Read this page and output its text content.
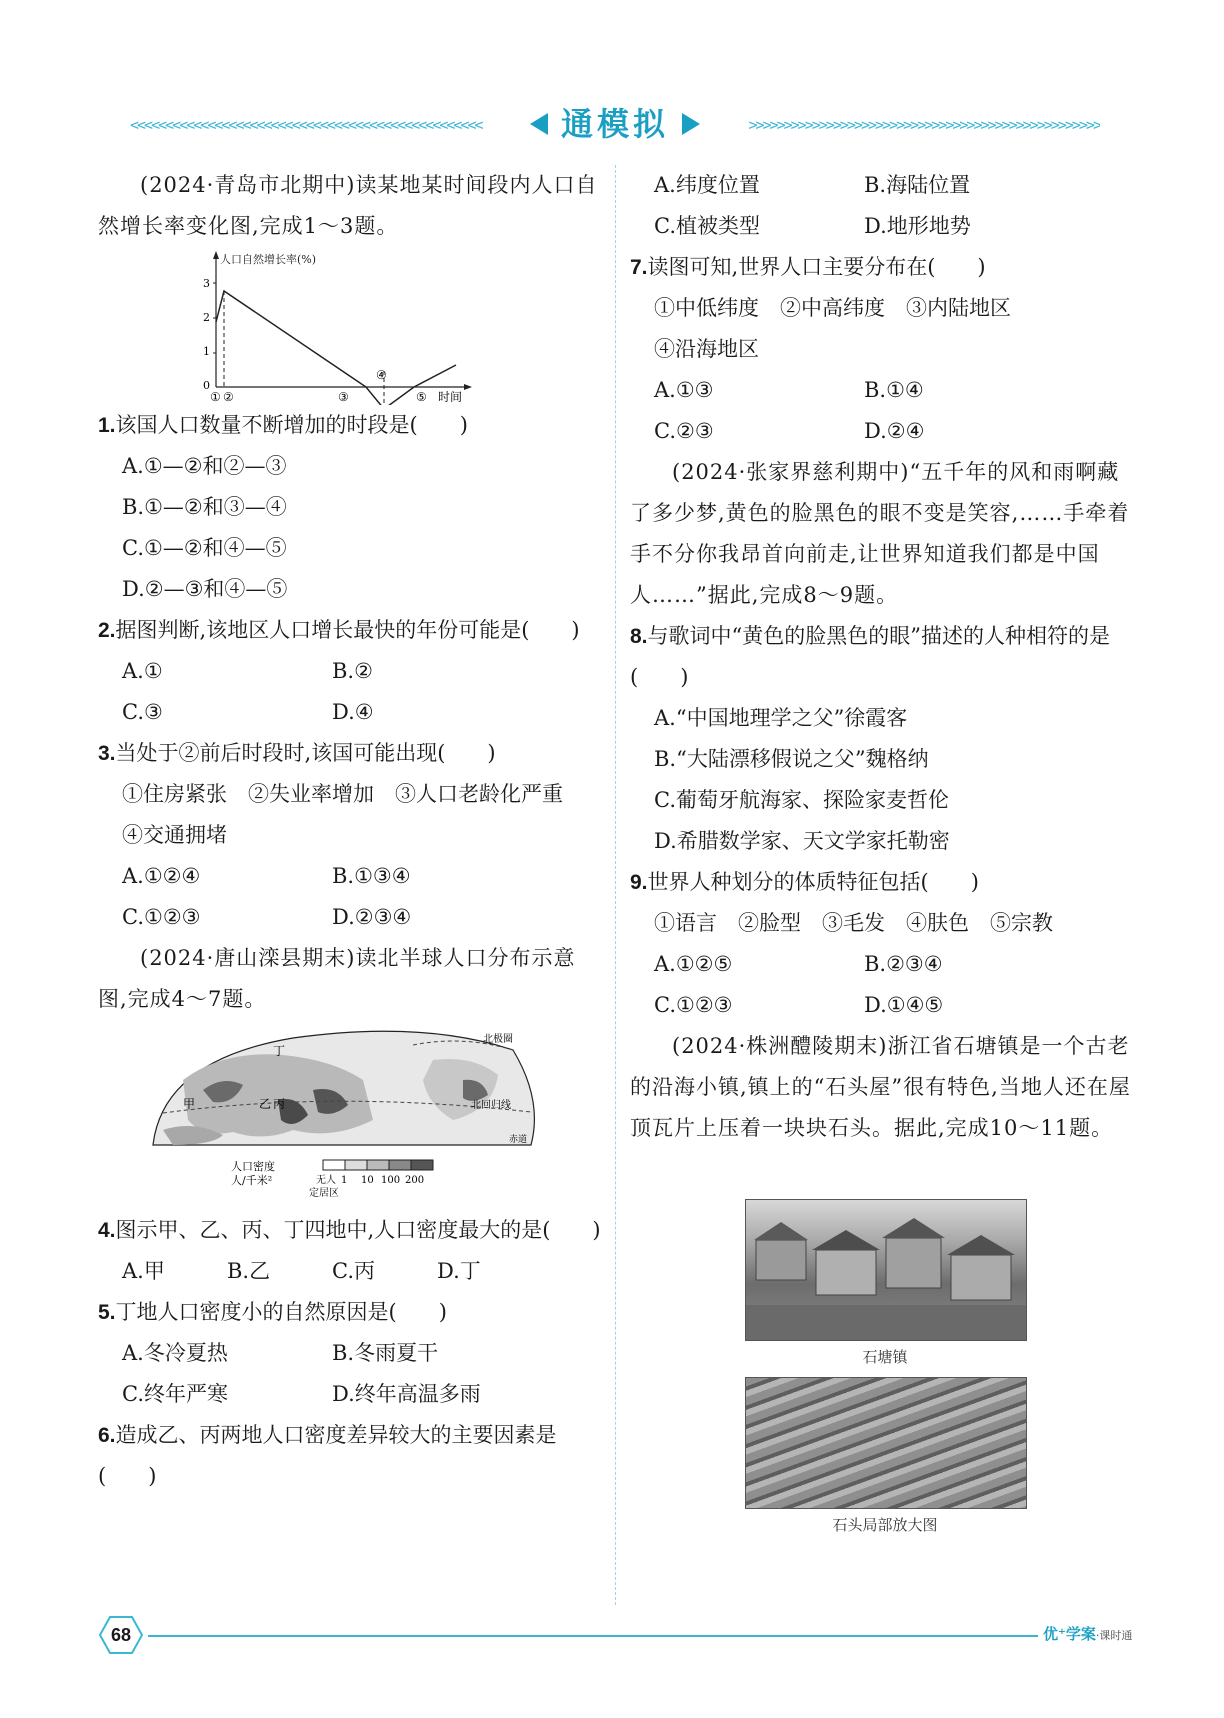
<<<<<<<<<<<<<<<<<<<<<<<<<<<<<<<<<<<<<<<<<<<<<<<<<<	通模拟	>>>>>>>>>>>>>>>>>>>>>>>>>>>>>>>>>>>>>>>>>>>>>>>>>>

(2024·青岛市北期中)读某地某时间段内人口自然增长率变化图,完成1～3题。

人口自然增长率(%)
3
2
1
0
① ②	③
④
⑤ 时间

1.该国人口数量不断增加的时段是(　　)

A.①—②和②—③

B.①—②和③—④

C.①—②和④—⑤

D.②—③和④—⑤

2.据图判断,该地区人口增长最快的年份可能是(　　)

A.①	B.②
C.③	D.④

3.当处于②前后时段时,该国可能出现(　　)

①住房紧张　②失业率增加　③人口老龄化严重　④交通拥堵

A.①②④	B.①③④
C.①②③	D.②③④

(2024·唐山滦县期末)读北半球人口分布示意图,完成4～7题。

北极圈
北回归线
赤道
甲	乙 丙
丁
人口密度
人/千米²	无人
定居区
1 10 100 200

4.图示甲、乙、丙、丁四地中,人口密度最大的是(　　)

A.甲	B.乙	C.丙	D.丁

5.丁地人口密度小的自然原因是(　　)

A.冬冷夏热	B.冬雨夏干
C.终年严寒	D.终年高温多雨

6.造成乙、丙两地人口密度差异较大的主要因素是(　　)

A.纬度位置	B.海陆位置
C.植被类型	D.地形地势

7.读图可知,世界人口主要分布在(　　)

①中低纬度　②中高纬度　③内陆地区

④沿海地区

A.①③	B.①④
C.②③	D.②④

(2024·张家界慈利期中)“五千年的风和雨啊藏了多少梦,黄色的脸黑色的眼不变是笑容,……手牵着手不分你我昂首向前走,让世界知道我们都是中国人……”据此,完成8～9题。

8.与歌词中“黄色的脸黑色的眼”描述的人种相符的是(　　)

A.“中国地理学之父”徐霞客

B.“大陆漂移假说之父”魏格纳

C.葡萄牙航海家、探险家麦哲伦

D.希腊数学家、天文学家托勒密

9.世界人种划分的体质特征包括(　　)

①语言　②脸型　③毛发　④肤色　⑤宗教

A.①②⑤	B.②③④
C.①②③	D.①④⑤

(2024·株洲醴陵期末)浙江省石塘镇是一个古老的沿海小镇,镇上的“石头屋”很有特色,当地人还在屋顶瓦片上压着一块块石头。据此,完成10～11题。

石塘镇

石头局部放大图

68	优⁺学案·课时通
